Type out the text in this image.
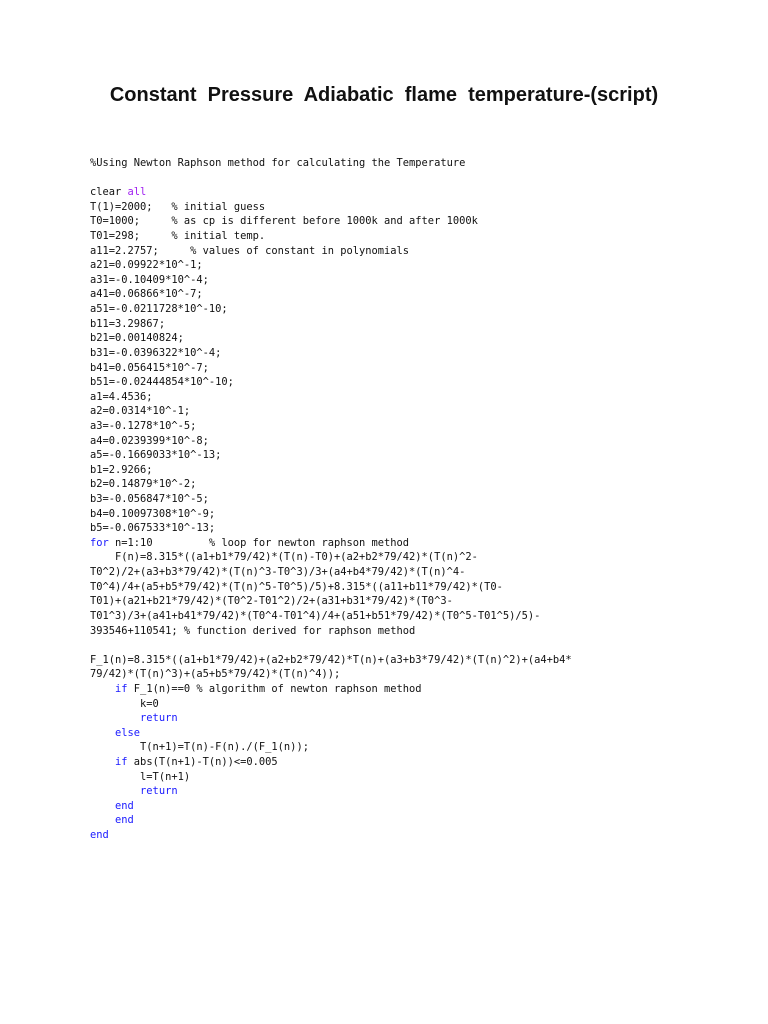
Constant  Pressure  Adiabatic  flame  temperature-(script)
%Using Newton Raphson method for calculating the Temperature
clear all
T(1)=2000;   % initial guess
T0=1000;     % as cp is different before 1000k and after 1000k
T01=298;     % initial temp.
a11=2.2757;     % values of constant in polynomials
a21=0.09922*10^-1;
a31=-0.10409*10^-4;
a41=0.06866*10^-7;
a51=-0.0211728*10^-10;
b11=3.29867;
b21=0.00140824;
b31=-0.0396322*10^-4;
b41=0.056415*10^-7;
b51=-0.02444854*10^-10;
a1=4.4536;
a2=0.0314*10^-1;
a3=-0.1278*10^-5;
a4=0.0239399*10^-8;
a5=-0.1669033*10^-13;
b1=2.9266;
b2=0.14879*10^-2;
b3=-0.056847*10^-5;
b4=0.10097308*10^-9;
b5=-0.067533*10^-13;
for n=1:10         % loop for newton raphson method
F(n)=8.315*((a1+b1*79/42)*(T(n)-T0)+(a2+b2*79/42)*(T(n)^2-
T0^2)/2+(a3+b3*79/42)*(T(n)^3-T0^3)/3+(a4+b4*79/42)*(T(n)^4-
T0^4)/4+(a5+b5*79/42)*(T(n)^5-T0^5)/5)+8.315*((a11+b11*79/42)*(T0-
T01)+(a21+b21*79/42)*(T0^2-T01^2)/2+(a31+b31*79/42)*(T0^3-
T01^3)/3+(a41+b41*79/42)*(T0^4-T01^4)/4+(a51+b51*79/42)*(T0^5-T01^5)/5)-
393546+110541; % function derived for raphson method
F_1(n)=8.315*((a1+b1*79/42)+(a2+b2*79/42)*T(n)+(a3+b3*79/42)*(T(n)^2)+(a4+b4*
79/42)*(T(n)^3)+(a5+b5*79/42)*(T(n)^4));
if F_1(n)==0 % algorithm of newton raphson method
k=0
return
else
T(n+1)=T(n)-F(n)./(F_1(n));
if abs(T(n+1)-T(n))<=0.005
l=T(n+1)
return
end
end
end
